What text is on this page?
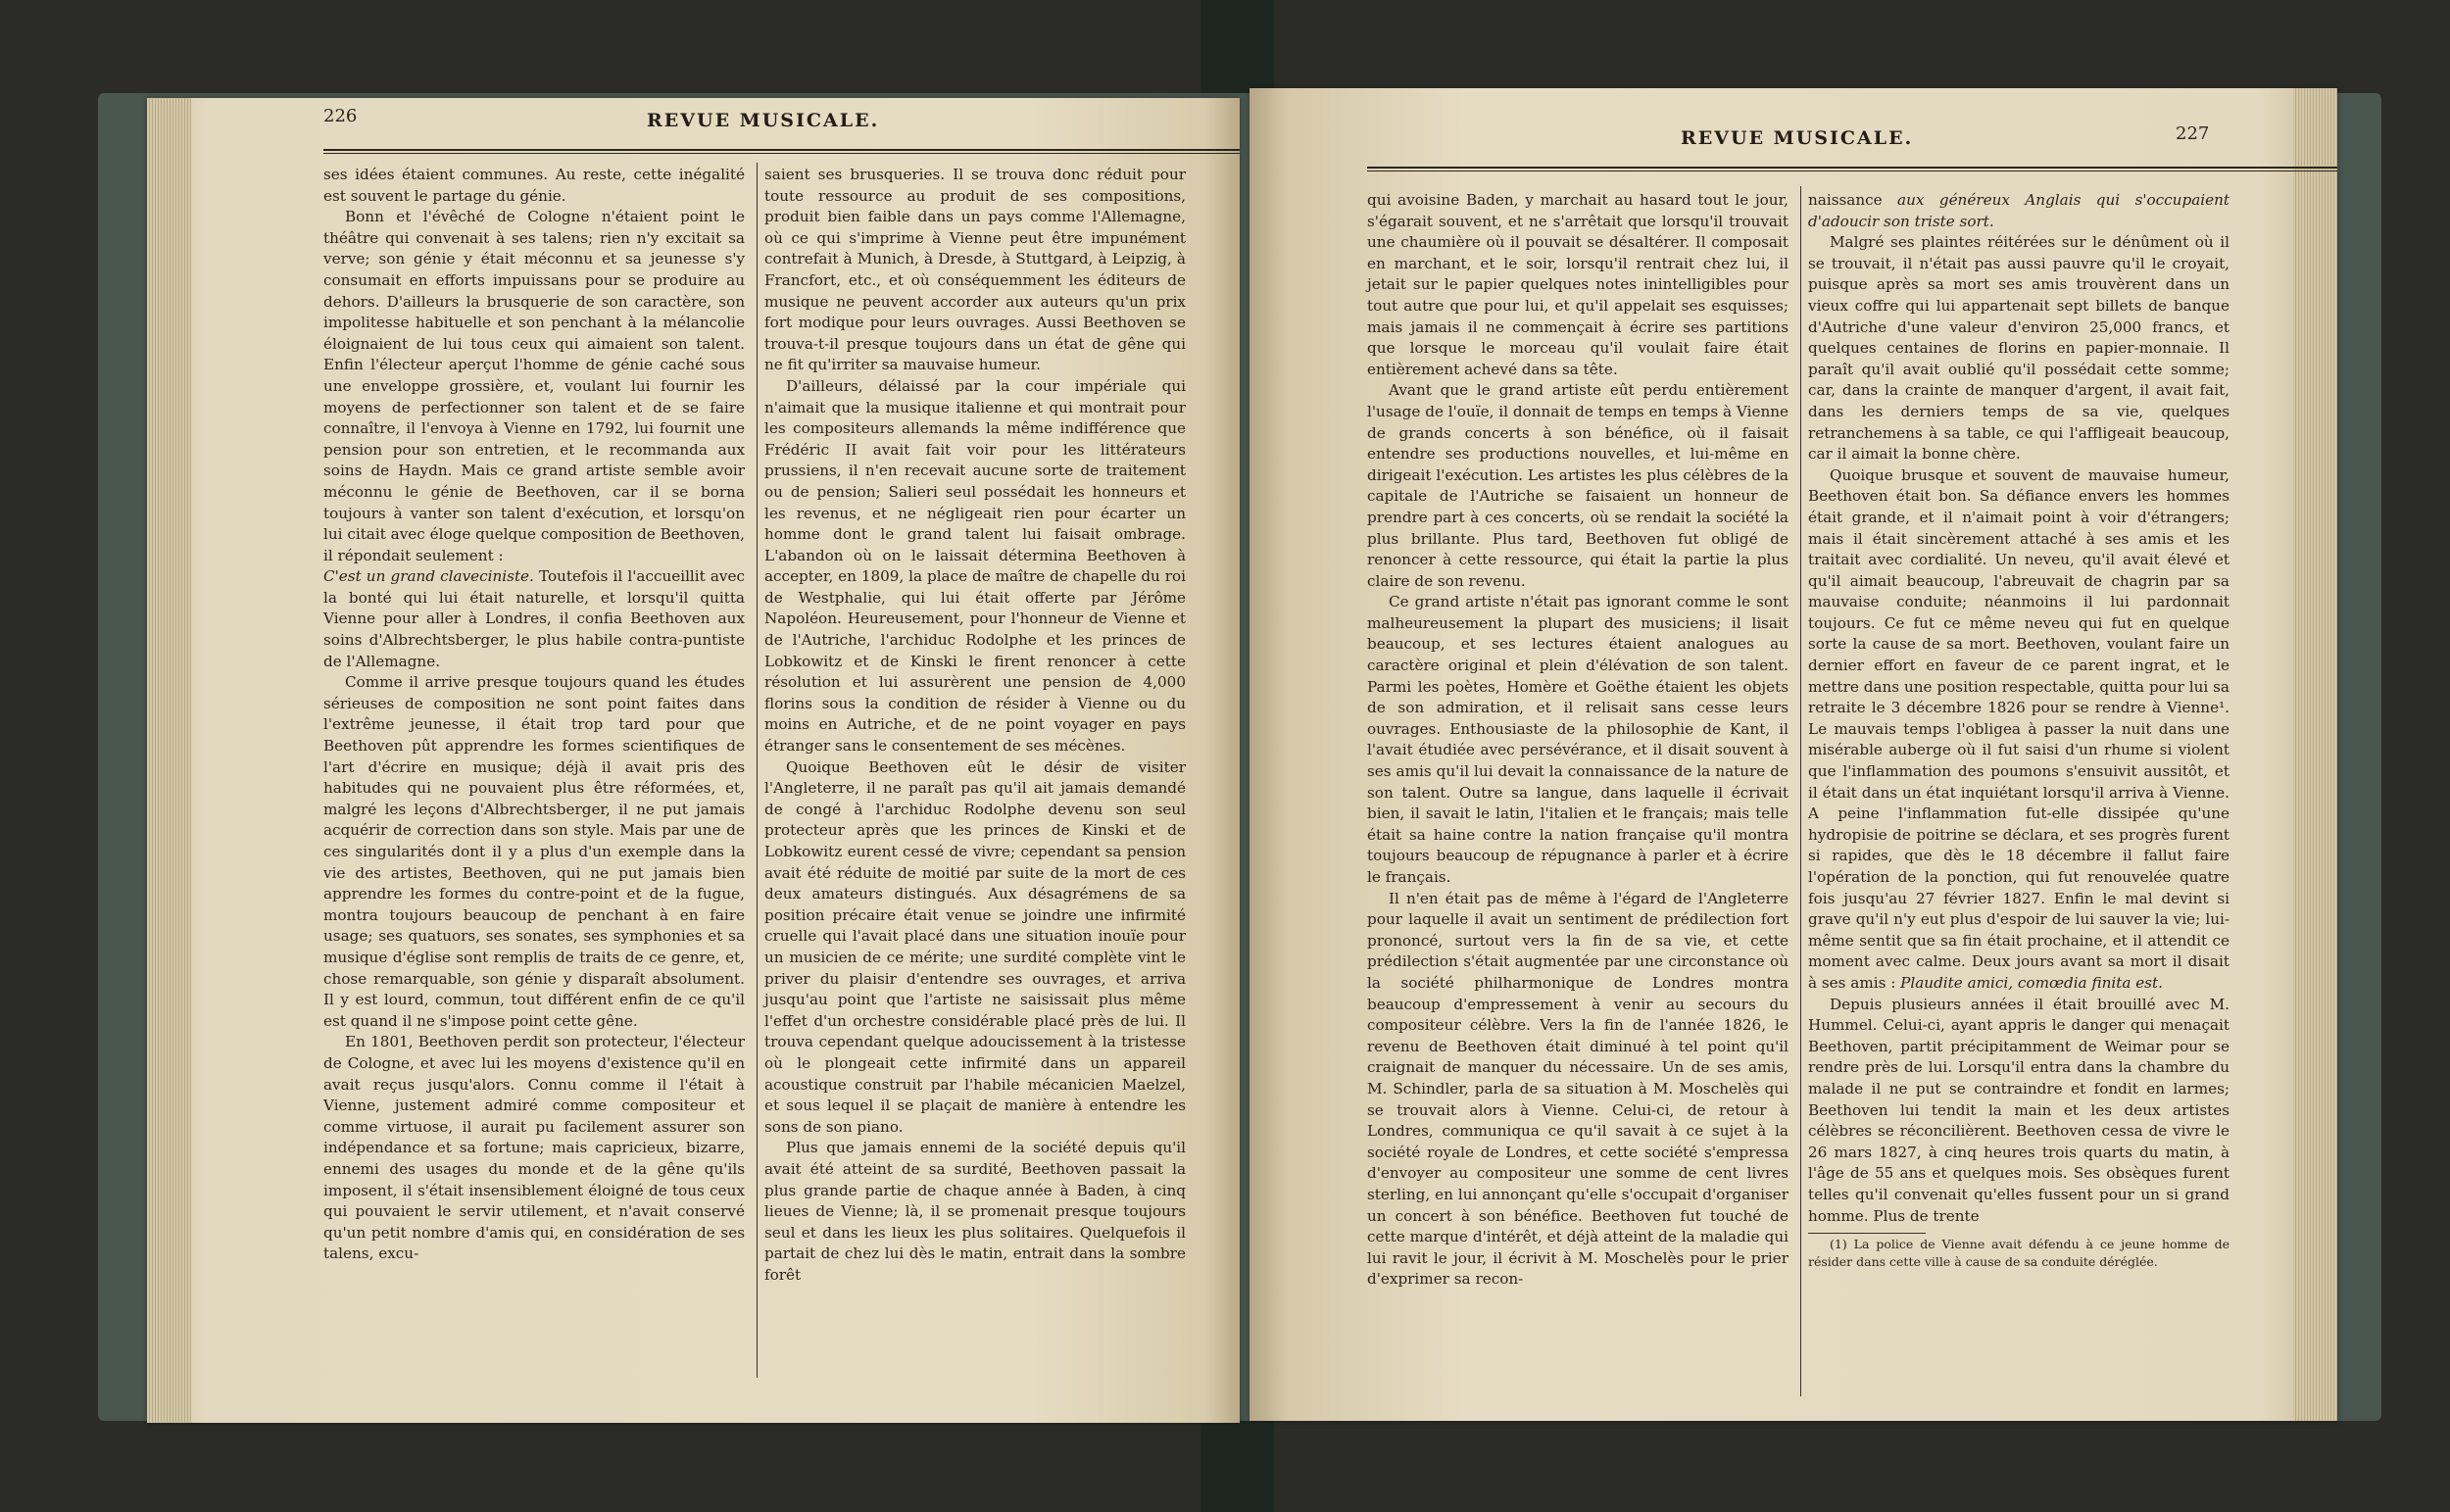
226	REVUE MUSICALE.

ses idées étaient communes. Au reste, cette inégalité est souvent le partage du génie.

Bonn et l'évêché de Cologne n'étaient point le théâtre qui convenait à ses talens; rien n'y excitait sa verve; son génie y était méconnu et sa jeunesse s'y consumait en efforts impuissans pour se produire au dehors. D'ailleurs la brusquerie de son caractère, son impolitesse habituelle et son penchant à la mélancolie éloignaient de lui tous ceux qui aimaient son talent. Enfin l'électeur aperçut l'homme de génie caché sous une enveloppe grossière, et, voulant lui fournir les moyens de perfectionner son talent et de se faire connaître, il l'envoya à Vienne en 1792, lui fournit une pension pour son entretien, et le recommanda aux soins de Haydn. Mais ce grand artiste semble avoir méconnu le génie de Beethoven, car il se borna toujours à vanter son talent d'exécution, et lorsqu'on lui citait avec éloge quelque composition de Beethoven, il répondait seulement :

C'est un grand claveciniste. Toutefois il l'accueillit avec la bonté qui lui était naturelle, et lorsqu'il quitta Vienne pour aller à Londres, il confia Beethoven aux soins d'Albrechtsberger, le plus habile contra-puntiste de l'Allemagne.

Comme il arrive presque toujours quand les études sérieuses de composition ne sont point faites dans l'extrême jeunesse, il était trop tard pour que Beethoven pût apprendre les formes scientifiques de l'art d'écrire en musique; déjà il avait pris des habitudes qui ne pouvaient plus être réformées, et, malgré les leçons d'Albrechtsberger, il ne put jamais acquérir de correction dans son style. Mais par une de ces singularités dont il y a plus d'un exemple dans la vie des artistes, Beethoven, qui ne put jamais bien apprendre les formes du contre-point et de la fugue, montra toujours beaucoup de penchant à en faire usage; ses quatuors, ses sonates, ses symphonies et sa musique d'église sont remplis de traits de ce genre, et, chose remarquable, son génie y disparaît absolument. Il y est lourd, commun, tout différent enfin de ce qu'il est quand il ne s'impose point cette gêne.

En 1801, Beethoven perdit son protecteur, l'électeur de Cologne, et avec lui les moyens d'existence qu'il en avait reçus jusqu'alors. Connu comme il l'était à Vienne, justement admiré comme compositeur et comme virtuose, il aurait pu facilement assurer son indépendance et sa fortune; mais capricieux, bizarre, ennemi des usages du monde et de la gêne qu'ils imposent, il s'était insensiblement éloigné de tous ceux qui pouvaient le servir utilement, et n'avait conservé qu'un petit nombre d'amis qui, en considération de ses talens, excu-

saient ses brusqueries. Il se trouva donc réduit pour toute ressource au produit de ses compositions, produit bien faible dans un pays comme l'Allemagne, où ce qui s'imprime à Vienne peut être impunément contrefait à Munich, à Dresde, à Stuttgard, à Leipzig, à Francfort, etc., et où conséquemment les éditeurs de musique ne peuvent accorder aux auteurs qu'un prix fort modique pour leurs ouvrages. Aussi Beethoven se trouva-t-il presque toujours dans un état de gêne qui ne fit qu'irriter sa mauvaise humeur.

D'ailleurs, délaissé par la cour impériale qui n'aimait que la musique italienne et qui montrait pour les compositeurs allemands la même indifférence que Frédéric II avait fait voir pour les littérateurs prussiens, il n'en recevait aucune sorte de traitement ou de pension; Salieri seul possédait les honneurs et les revenus, et ne négligeait rien pour écarter un homme dont le grand talent lui faisait ombrage. L'abandon où on le laissait détermina Beethoven à accepter, en 1809, la place de maître de chapelle du roi de Westphalie, qui lui était offerte par Jérôme Napoléon. Heureusement, pour l'honneur de Vienne et de l'Autriche, l'archiduc Rodolphe et les princes de Lobkowitz et de Kinski le firent renoncer à cette résolution et lui assurèrent une pension de 4,000 florins sous la condition de résider à Vienne ou du moins en Autriche, et de ne point voyager en pays étranger sans le consentement de ses mécènes.

Quoique Beethoven eût le désir de visiter l'Angleterre, il ne paraît pas qu'il ait jamais demandé de congé à l'archiduc Rodolphe devenu son seul protecteur après que les princes de Kinski et de Lobkowitz eurent cessé de vivre; cependant sa pension avait été réduite de moitié par suite de la mort de ces deux amateurs distingués. Aux désagrémens de sa position précaire était venue se joindre une infirmité cruelle qui l'avait placé dans une situation inouïe pour un musicien de ce mérite; une surdité complète vint le priver du plaisir d'entendre ses ouvrages, et arriva jusqu'au point que l'artiste ne saisissait plus même l'effet d'un orchestre considérable placé près de lui. Il trouva cependant quelque adoucissement à la tristesse où le plongeait cette infirmité dans un appareil acoustique construit par l'habile mécanicien Maelzel, et sous lequel il se plaçait de manière à entendre les sons de son piano.

Plus que jamais ennemi de la société depuis qu'il avait été atteint de sa surdité, Beethoven passait la plus grande partie de chaque année à Baden, à cinq lieues de Vienne; là, il se promenait presque toujours seul et dans les lieux les plus solitaires. Quelquefois il partait de chez lui dès le matin, entrait dans la sombre forêt

REVUE MUSICALE.	227

qui avoisine Baden, y marchait au hasard tout le jour, s'égarait souvent, et ne s'arrêtait que lorsqu'il trouvait une chaumière où il pouvait se désaltérer. Il composait en marchant, et le soir, lorsqu'il rentrait chez lui, il jetait sur le papier quelques notes inintelligibles pour tout autre que pour lui, et qu'il appelait ses esquisses; mais jamais il ne commençait à écrire ses partitions que lorsque le morceau qu'il voulait faire était entièrement achevé dans sa tête.

Avant que le grand artiste eût perdu entièrement l'usage de l'ouïe, il donnait de temps en temps à Vienne de grands concerts à son bénéfice, où il faisait entendre ses productions nouvelles, et lui-même en dirigeait l'exécution. Les artistes les plus célèbres de la capitale de l'Autriche se faisaient un honneur de prendre part à ces concerts, où se rendait la société la plus brillante. Plus tard, Beethoven fut obligé de renoncer à cette ressource, qui était la partie la plus claire de son revenu.

Ce grand artiste n'était pas ignorant comme le sont malheureusement la plupart des musiciens; il lisait beaucoup, et ses lectures étaient analogues au caractère original et plein d'élévation de son talent. Parmi les poètes, Homère et Goëthe étaient les objets de son admiration, et il relisait sans cesse leurs ouvrages. Enthousiaste de la philosophie de Kant, il l'avait étudiée avec persévérance, et il disait souvent à ses amis qu'il lui devait la connaissance de la nature de son talent. Outre sa langue, dans laquelle il écrivait bien, il savait le latin, l'italien et le français; mais telle était sa haine contre la nation française qu'il montra toujours beaucoup de répugnance à parler et à écrire le français.

Il n'en était pas de même à l'égard de l'Angleterre pour laquelle il avait un sentiment de prédilection fort prononcé, surtout vers la fin de sa vie, et cette prédilection s'était augmentée par une circonstance où la société philharmonique de Londres montra beaucoup d'empressement à venir au secours du compositeur célèbre. Vers la fin de l'année 1826, le revenu de Beethoven était diminué à tel point qu'il craignait de manquer du nécessaire. Un de ses amis, M. Schindler, parla de sa situation à M. Moschelès qui se trouvait alors à Vienne. Celui-ci, de retour à Londres, communiqua ce qu'il savait à ce sujet à la société royale de Londres, et cette société s'empressa d'envoyer au compositeur une somme de cent livres sterling, en lui annonçant qu'elle s'occupait d'organiser un concert à son bénéfice. Beethoven fut touché de cette marque d'intérêt, et déjà atteint de la maladie qui lui ravit le jour, il écrivit à M. Moschelès pour le prier d'exprimer sa recon-

naissance aux généreux Anglais qui s'occupaient d'adoucir son triste sort.

Malgré ses plaintes réitérées sur le dénûment où il se trouvait, il n'était pas aussi pauvre qu'il le croyait, puisque après sa mort ses amis trouvèrent dans un vieux coffre qui lui appartenait sept billets de banque d'Autriche d'une valeur d'environ 25,000 francs, et quelques centaines de florins en papier-monnaie. Il paraît qu'il avait oublié qu'il possédait cette somme; car, dans la crainte de manquer d'argent, il avait fait, dans les derniers temps de sa vie, quelques retranchemens à sa table, ce qui l'affligeait beaucoup, car il aimait la bonne chère.

Quoique brusque et souvent de mauvaise humeur, Beethoven était bon. Sa défiance envers les hommes était grande, et il n'aimait point à voir d'étrangers; mais il était sincèrement attaché à ses amis et les traitait avec cordialité. Un neveu, qu'il avait élevé et qu'il aimait beaucoup, l'abreuvait de chagrin par sa mauvaise conduite; néanmoins il lui pardonnait toujours. Ce fut ce même neveu qui fut en quelque sorte la cause de sa mort. Beethoven, voulant faire un dernier effort en faveur de ce parent ingrat, et le mettre dans une position respectable, quitta pour lui sa retraite le 3 décembre 1826 pour se rendre à Vienne¹. Le mauvais temps l'obligea à passer la nuit dans une misérable auberge où il fut saisi d'un rhume si violent que l'inflammation des poumons s'ensuivit aussitôt, et il était dans un état inquiétant lorsqu'il arriva à Vienne. A peine l'inflammation fut-elle dissipée qu'une hydropisie de poitrine se déclara, et ses progrès furent si rapides, que dès le 18 décembre il fallut faire l'opération de la ponction, qui fut renouvelée quatre fois jusqu'au 27 février 1827. Enfin le mal devint si grave qu'il n'y eut plus d'espoir de lui sauver la vie; lui-même sentit que sa fin était prochaine, et il attendit ce moment avec calme. Deux jours avant sa mort il disait à ses amis : Plaudite amici, comœdia finita est.

Depuis plusieurs années il était brouillé avec M. Hummel. Celui-ci, ayant appris le danger qui menaçait Beethoven, partit précipitamment de Weimar pour se rendre près de lui. Lorsqu'il entra dans la chambre du malade il ne put se contraindre et fondit en larmes; Beethoven lui tendit la main et les deux artistes célèbres se réconcilièrent. Beethoven cessa de vivre le 26 mars 1827, à cinq heures trois quarts du matin, à l'âge de 55 ans et quelques mois. Ses obsèques furent telles qu'il convenait qu'elles fussent pour un si grand homme. Plus de trente

(1) La police de Vienne avait défendu à ce jeune homme de résider dans cette ville à cause de sa conduite déréglée.
